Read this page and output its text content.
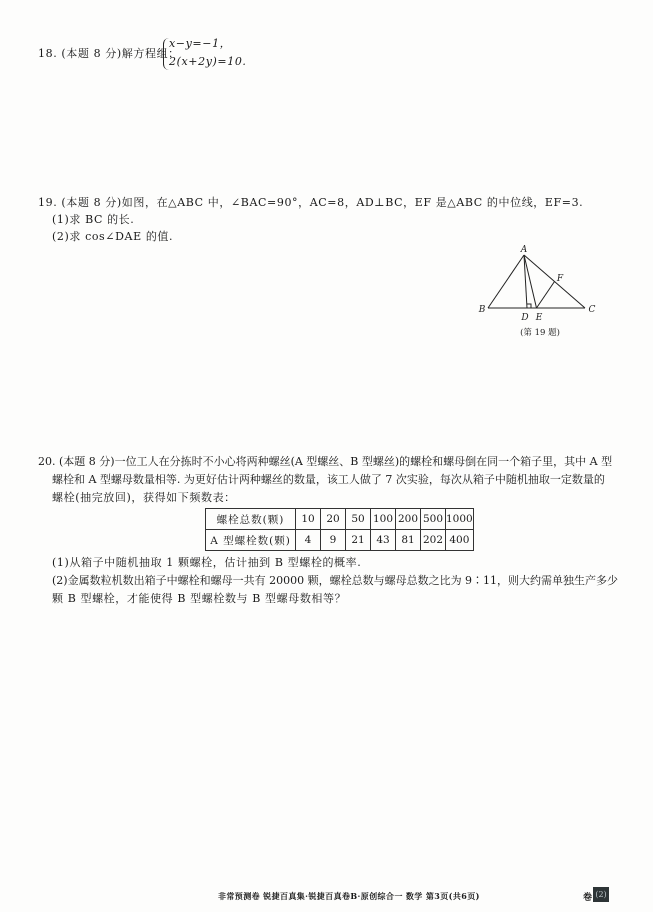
18. (本题 8 分)解方程组：
x−y=−1，
2(x+2y)=10.
19. (本题 8 分)如图，在△ABC 中，∠BAC=90°，AC=8，AD⊥BC，EF 是△ABC 的中位线，EF=3.
(1)求 BC 的长.
(2)求 cos∠DAE 的值.
A
B	C
D E
F
(第 19 题)
20. (本题 8 分)一位工人在分拣时不小心将两种螺丝(A 型螺丝、B 型螺丝)的螺栓和螺母倒在同一个箱子里，其中 A 型
螺栓和 A 型螺母数量相等. 为更好估计两种螺丝的数量，该工人做了 7 次实验，每次从箱子中随机抽取一定数量的
螺栓(抽完放回)，获得如下频数表：
螺栓总数(颗)	10	20	50	100	200	500	1000
A 型螺栓数(颗)	4	9	21	43	81	202	400
(1)从箱子中随机抽取 1 颗螺栓，估计抽到 B 型螺栓的概率.
(2)金属数粒机数出箱子中螺栓和螺母一共有 20000 颗，螺栓总数与螺母总数之比为 9∶11，则大约需单独生产多少
颗 B 型螺栓，才能使得 B 型螺栓数与 B 型螺母数相等？
非常预测卷 锐捷百真集·锐捷百真卷B·原创综合一 数学 第3页(共6页)	卷 (2)
